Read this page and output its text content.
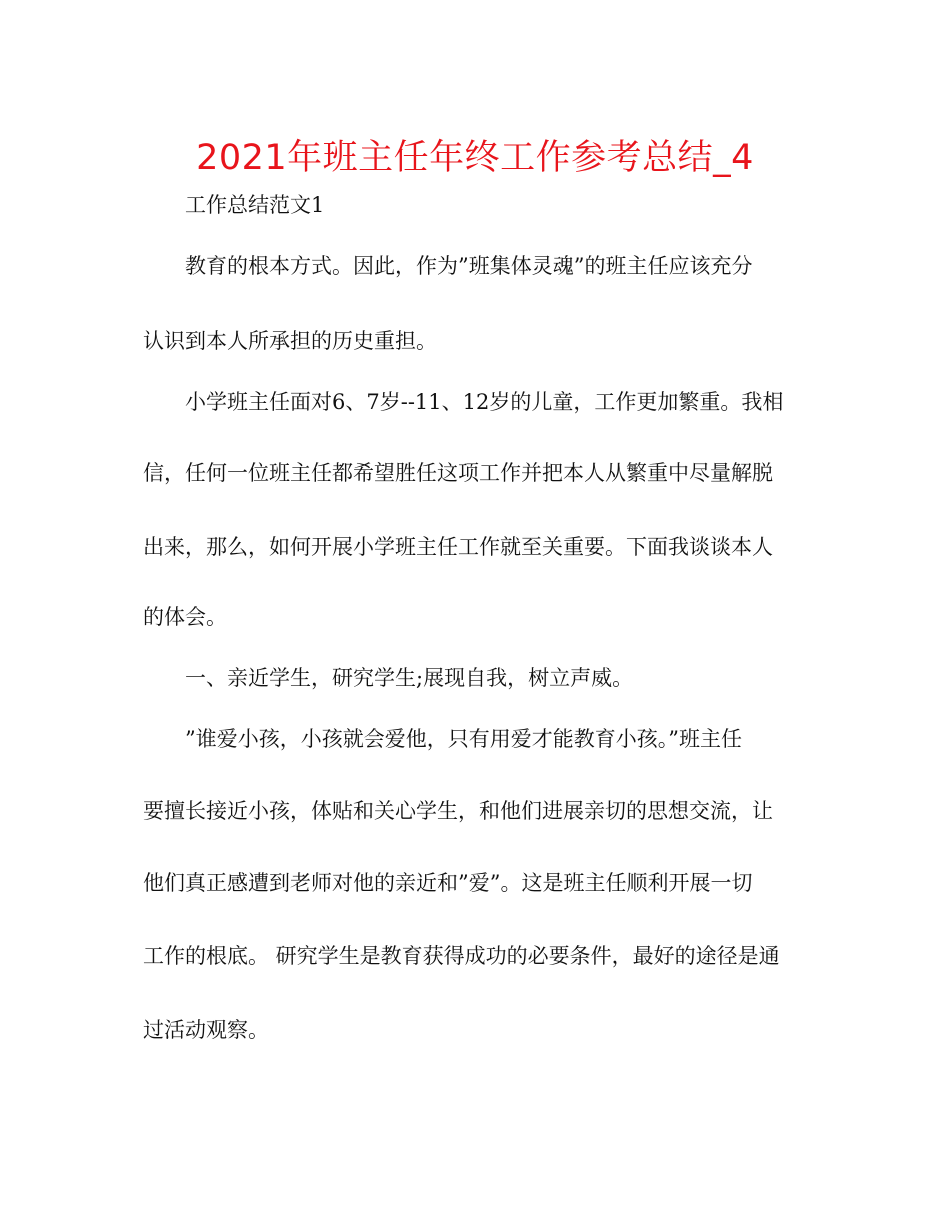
2021年班主任年终工作参考总结_4

工作总结范文1

教育的根本方式。因此，作为”班集体灵魂”的班主任应该充分

认识到本人所承担的历史重担。

小学班主任面对6、7岁--11、12岁的儿童，工作更加繁重。我相

信，任何一位班主任都希望胜任这项工作并把本人从繁重中尽量解脱

出来，那么，如何开展小学班主任工作就至关重要。下面我谈谈本人

的体会。

一、亲近学生，研究学生;展现自我，树立声威。

”谁爱小孩，小孩就会爱他，只有用爱才能教育小孩。”班主任

要擅长接近小孩，体贴和关心学生，和他们进展亲切的思想交流，让

他们真正感遭到老师对他的亲近和”爱”。这是班主任顺利开展一切

工作的根底。 研究学生是教育获得成功的必要条件，最好的途径是通

过活动观察。
